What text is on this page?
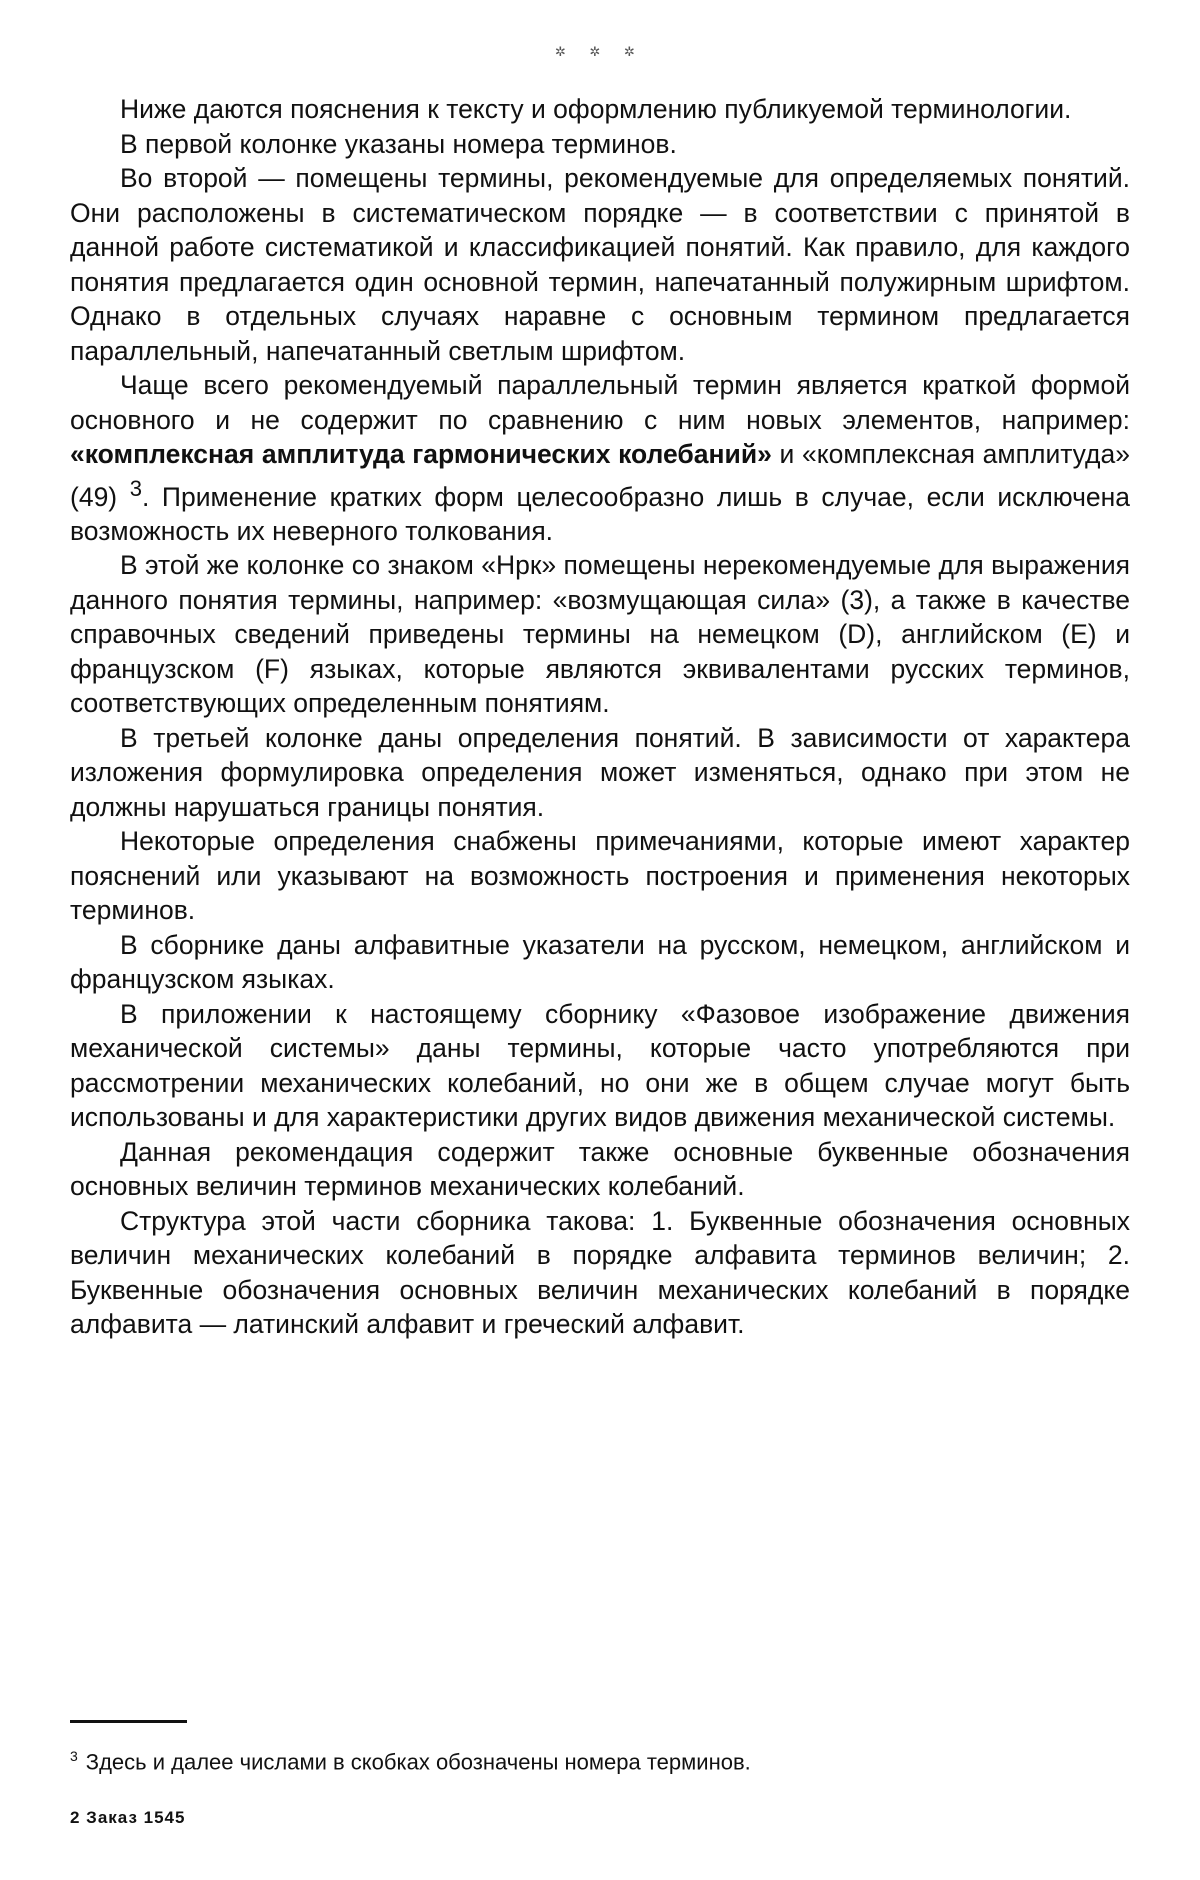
✲ ✲ ✲

Ниже даются пояснения к тексту и оформлению публикуемой терминологии.

В первой колонке указаны номера терминов.

Во второй — помещены термины, рекомендуемые для определяемых понятий. Они расположены в систематическом порядке — в соответствии с принятой в данной работе систематикой и классификацией понятий. Как правило, для каждого понятия предлагается один основной термин, напечатанный полужирным шрифтом. Однако в отдельных случаях наравне с основным термином предлагается параллельный, напечатанный светлым шрифтом.

Чаще всего рекомендуемый параллельный термин является краткой формой основного и не содержит по сравнению с ним новых элементов, например: «комплексная амплитуда гармонических колебаний» и «комплексная амплитуда» (49) $^3$. Применение кратких форм целесообразно лишь в случае, если исключена возможность их неверного толкования.

В этой же колонке со знаком «Нрк» помещены нерекомендуемые для выражения данного понятия термины, например: «возмущающая сила» (3), а также в качестве справочных сведений приведены термины на немецком (D), английском (E) и французском (F) языках, которые являются эквивалентами русских терминов, соответствующих определенным понятиям.

В третьей колонке даны определения понятий. В зависимости от характера изложения формулировка определения может изменяться, однако при этом не должны нарушаться границы понятия.

Некоторые определения снабжены примечаниями, которые имеют характер пояснений или указывают на возможность построения и применения некоторых терминов.

В сборнике даны алфавитные указатели на русском, немецком, английском и французском языках.

В приложении к настоящему сборнику «Фазовое изображение движения механической системы» даны термины, которые часто употребляются при рассмотрении механических колебаний, но они же в общем случае могут быть использованы и для характеристики других видов движения механической системы.

Данная рекомендация содержит также основные буквенные обозначения основных величин терминов механических колебаний.

Структура этой части сборника такова: 1. Буквенные обозначения основных величин механических колебаний в порядке алфавита терминов величин; 2. Буквенные обозначения основных величин механических колебаний в порядке алфавита — латинский алфавит и греческий алфавит.

$^3$ Здесь и далее числами в скобках обозначены номера терминов.
2 Заказ 1545
